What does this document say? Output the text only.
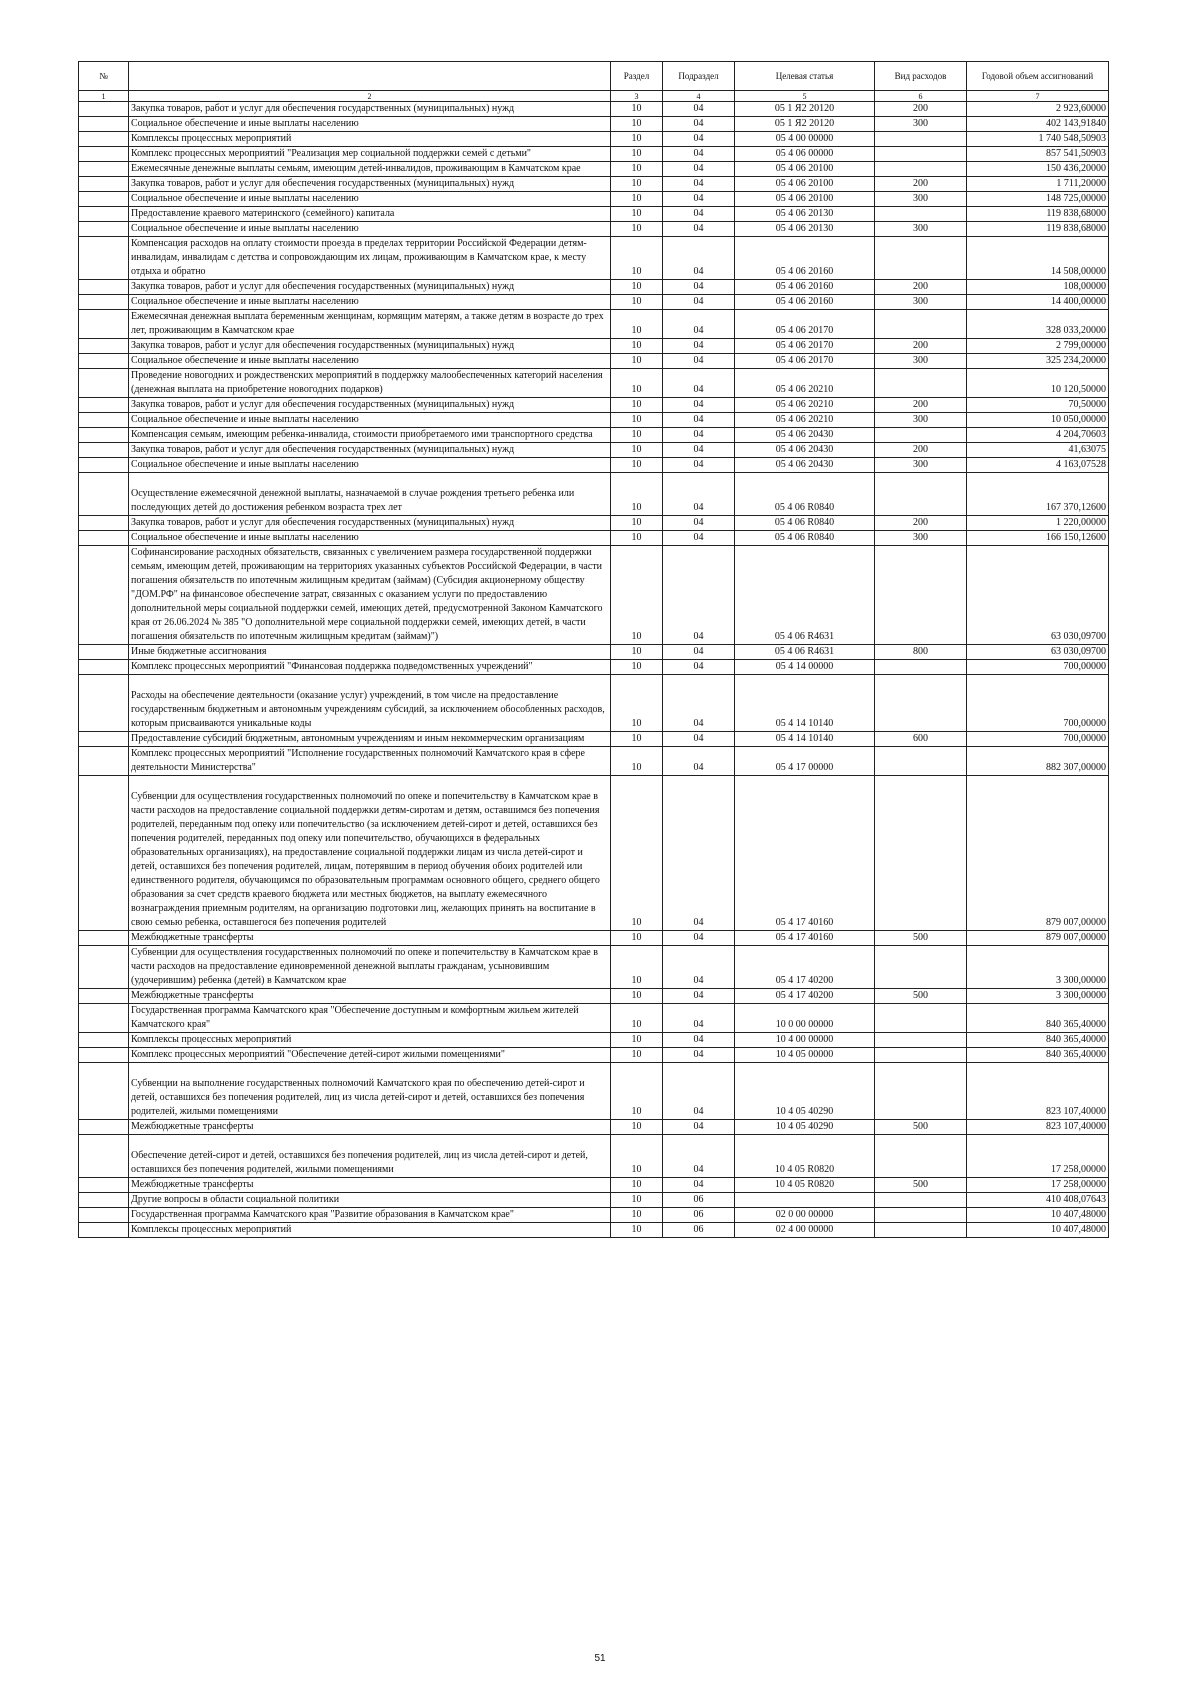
№		Раздел	Подраздел	Целевая статья	Вид расходов	Годовой объем ассигнований
1	2	3	4	5	6	7
	Закупка товаров, работ и услуг для обеспечения государственных (муниципальных) нужд	10	04	05 1 Я2 20120	200	2 923,60000
	Социальное обеспечение и иные выплаты населению	10	04	05 1 Я2 20120	300	402 143,91840
	Комплексы процессных мероприятий	10	04	05 4 00 00000		1 740 548,50903
	Комплекс процессных мероприятий "Реализация мер социальной поддержки семей с детьми"	10	04	05 4 06 00000		857 541,50903
	Ежемесячные денежные выплаты семьям, имеющим детей-инвалидов, проживающим в Камчатском крае	10	04	05 4 06 20100		150 436,20000
	Закупка товаров, работ и услуг для обеспечения государственных (муниципальных) нужд	10	04	05 4 06 20100	200	1 711,20000
	Социальное обеспечение и иные выплаты населению	10	04	05 4 06 20100	300	148 725,00000
	Предоставление краевого материнского (семейного) капитала	10	04	05 4 06 20130		119 838,68000
	Социальное обеспечение и иные выплаты населению	10	04	05 4 06 20130	300	119 838,68000
	Компенсация расходов на оплату стоимости проезда в пределах территории Российской Федерации детям-инвалидам, инвалидам с детства и сопровождающим их лицам, проживающим в Камчатском крае, к месту отдыха и обратно	10	04	05 4 06 20160		14 508,00000
	Закупка товаров, работ и услуг для обеспечения государственных (муниципальных) нужд	10	04	05 4 06 20160	200	108,00000
	Социальное обеспечение и иные выплаты населению	10	04	05 4 06 20160	300	14 400,00000
	Ежемесячная денежная выплата беременным женщинам, кормящим матерям, а также детям в возрасте до трех лет, проживающим в Камчатском крае	10	04	05 4 06 20170		328 033,20000
	Закупка товаров, работ и услуг для обеспечения государственных (муниципальных) нужд	10	04	05 4 06 20170	200	2 799,00000
	Социальное обеспечение и иные выплаты населению	10	04	05 4 06 20170	300	325 234,20000
	Проведение новогодних и рождественских мероприятий в поддержку малообеспеченных категорий населения (денежная выплата на приобретение новогодних подарков)	10	04	05 4 06 20210		10 120,50000
	Закупка товаров, работ и услуг для обеспечения государственных (муниципальных) нужд	10	04	05 4 06 20210	200	70,50000
	Социальное обеспечение и иные выплаты населению	10	04	05 4 06 20210	300	10 050,00000
	Компенсация семьям, имеющим ребенка-инвалида, стоимости приобретаемого ими транспортного средства	10	04	05 4 06 20430		4 204,70603
	Закупка товаров, работ и услуг для обеспечения государственных (муниципальных) нужд	10	04	05 4 06 20430	200	41,63075
	Социальное обеспечение и иные выплаты населению	10	04	05 4 06 20430	300	4 163,07528
	Осуществление ежемесячной денежной выплаты, назначаемой в случае рождения третьего ребенка или последующих детей до достижения ребенком возраста трех лет	10	04	05 4 06 R0840		167 370,12600
	Закупка товаров, работ и услуг для обеспечения государственных (муниципальных) нужд	10	04	05 4 06 R0840	200	1 220,00000
	Социальное обеспечение и иные выплаты населению	10	04	05 4 06 R0840	300	166 150,12600
	Софинансирование расходных обязательств, связанных с увеличением размера государственной поддержки семьям, имеющим детей, проживающим на территориях указанных субъектов Российской Федерации, в части погашения обязательств по ипотечным жилищным кредитам (займам) (Субсидия акционерному обществу "ДОМ.РФ" на финансовое обеспечение затрат, связанных с оказанием услуги по предоставлению дополнительной меры социальной поддержки семей, имеющих детей, предусмотренной Законом Камчатского края от 26.06.2024 № 385 "О дополнительной мере социальной поддержки семей, имеющих детей, в части погашения обязательств по ипотечным жилищным кредитам (займам)")	10	04	05 4 06 R4631		63 030,09700
	Иные бюджетные ассигнования	10	04	05 4 06 R4631	800	63 030,09700
	Комплекс процессных мероприятий "Финансовая поддержка подведомственных учреждений"	10	04	05 4 14 00000		700,00000
	Расходы на обеспечение деятельности (оказание услуг) учреждений, в том числе на предоставление государственным бюджетным и автономным учреждениям субсидий, за исключением обособленных расходов, которым присваиваются уникальные коды	10	04	05 4 14 10140		700,00000
	Предоставление субсидий бюджетным, автономным учреждениям и иным некоммерческим организациям	10	04	05 4 14 10140	600	700,00000
	Комплекс процессных мероприятий "Исполнение государственных полномочий Камчатского края в сфере деятельности Министерства"	10	04	05 4 17 00000		882 307,00000
	Субвенции для осуществления государственных полномочий по опеке и попечительству в Камчатском крае в части расходов на предоставление социальной поддержки детям-сиротам и детям, оставшимся без попечения родителей, переданным под опеку или попечительство (за исключением детей-сирот и детей, оставшихся без попечения родителей, переданных под опеку или попечительство, обучающихся в федеральных образовательных организациях), на предоставление социальной поддержки лицам из числа детей-сирот и детей, оставшихся без попечения родителей, лицам, потерявшим в период обучения обоих родителей или единственного родителя, обучающимся по образовательным программам основного общего, среднего общего образования за счет средств краевого бюджета или местных бюджетов, на выплату ежемесячного вознаграждения приемным родителям, на организацию подготовки лиц, желающих принять на воспитание в свою семью ребенка, оставшегося без попечения родителей	10	04	05 4 17 40160		879 007,00000
	Межбюджетные трансферты	10	04	05 4 17 40160	500	879 007,00000
	Субвенции для осуществления государственных полномочий по опеке и попечительству в Камчатском крае в части расходов на предоставление единовременной денежной выплаты гражданам, усыновившим (удочерившим) ребенка (детей) в Камчатском крае	10	04	05 4 17 40200		3 300,00000
	Межбюджетные трансферты	10	04	05 4 17 40200	500	3 300,00000
	Государственная программа Камчатского края "Обеспечение доступным и комфортным жильем жителей Камчатского края"	10	04	10 0 00 00000		840 365,40000
	Комплексы процессных мероприятий	10	04	10 4 00 00000		840 365,40000
	Комплекс процессных мероприятий "Обеспечение детей-сирот жилыми помещениями"	10	04	10 4 05 00000		840 365,40000
	Субвенции на выполнение государственных полномочий Камчатского края по обеспечению детей-сирот и детей, оставшихся без попечения родителей, лиц из числа детей-сирот и детей, оставшихся без попечения родителей, жилыми помещениями	10	04	10 4 05 40290		823 107,40000
	Межбюджетные трансферты	10	04	10 4 05 40290	500	823 107,40000
	Обеспечение детей-сирот и детей, оставшихся без попечения родителей, лиц из числа детей-сирот и детей, оставшихся без попечения родителей, жилыми помещениями	10	04	10 4 05 R0820		17 258,00000
	Межбюджетные трансферты	10	04	10 4 05 R0820	500	17 258,00000
	Другие вопросы в области социальной политики	10	06			410 408,07643
	Государственная программа Камчатского края "Развитие образования в Камчатском крае"	10	06	02 0 00 00000		10 407,48000
	Комплексы процессных мероприятий	10	06	02 4 00 00000		10 407,48000
51
